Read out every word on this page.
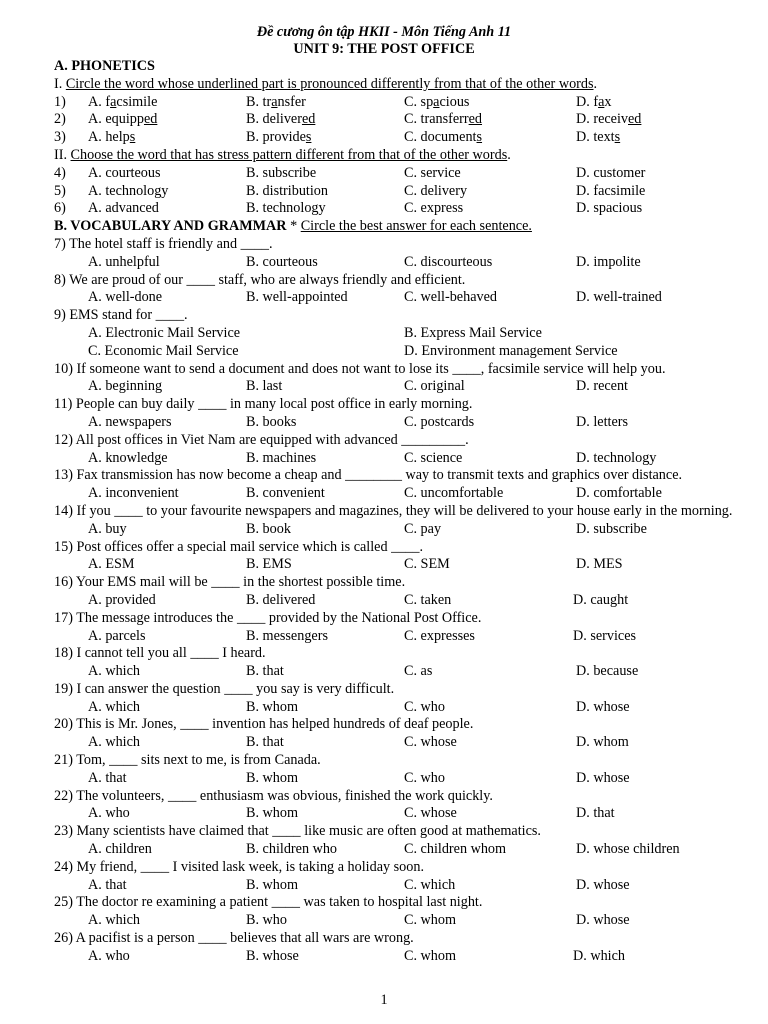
Đề cương ôn tập HKII - Môn Tiếng Anh 11
UNIT 9: THE POST OFFICE
A. PHONETICS
I. Circle the word whose underlined part is pronounced differently from that of the other words.
1) A. facsimile	B. transfer	C. spacious	D. fax
2) A. equipped	B. delivered	C. transferred	D. received
3) A. helps	B. provides	C. documents	D. texts
II. Choose the word that has stress pattern different from that of the other words.
4) A. courteous	B. subscribe	C. service	D. customer
5) A. technology	B. distribution	C. delivery	D. facsimile
6) A. advanced	B. technology	C. express	D. spacious
B. VOCABULARY AND GRAMMAR * Circle the best answer for each sentence.
7) The hotel staff is friendly and ____.
A. unhelpful	B. courteous	C. discourteous	D. impolite
8) We are proud of our ____ staff, who are always friendly and efficient.
A. well-done	B. well-appointed	C. well-behaved	D. well-trained
9) EMS stand for ____.
A. Electronic Mail Service	B. Express Mail Service
C. Economic Mail Service	D. Environment management Service
10) If someone want to send a document and does not want to lose its ____, facsimile service will help you.
A. beginning	B. last	C. original	D. recent
11) People can buy daily ____ in many local post office in early morning.
A. newspapers	B. books	C. postcards	D. letters
12) All post offices in Viet Nam are equipped with advanced _________.
A. knowledge	B. machines	C. science	D. technology
13) Fax transmission has now become a cheap and ________ way to transmit texts and graphics over distance.
A. inconvenient	B. convenient	C. uncomfortable	D. comfortable
14) If you ____ to your favourite newspapers and magazines, they will be delivered to your house early in the morning.
A. buy	B. book	C. pay	D. subscribe
15) Post offices offer a special mail service which is called ____.
A. ESM	B. EMS	C. SEM	D. MES
16) Your EMS mail will be ____ in the shortest possible time.
A. provided	B. delivered	C. taken	D. caught
17) The message introduces the ____ provided by the National Post Office.
A. parcels	B. messengers	C. expresses	D. services
18) I cannot tell you all ____ I heard.
A. which	B. that	C. as	D. because
19) I can answer the question ____ you say is very difficult.
A. which	B. whom	C. who	D. whose
20) This is Mr. Jones, ____ invention has helped hundreds of deaf people.
A. which	B. that	C. whose	D. whom
21) Tom, ____ sits next to me, is from Canada.
A. that	B. whom	C. who	D. whose
22) The volunteers, ____ enthusiasm was obvious, finished the work quickly.
A. who	B. whom	C. whose	D. that
23) Many scientists have claimed that ____ like music are often good at mathematics.
A. children	B. children who	C. children whom	D. whose children
24) My friend, ____ I visited lask week, is taking a holiday soon.
A. that	B. whom	C. which	D. whose
25) The doctor re examining a patient ____ was taken to hospital last night.
A. which	B. who	C. whom	D. whose
26) A pacifist is a person ____ believes that all wars are wrong.
A. who	B. whose	C. whom	D. which
1
